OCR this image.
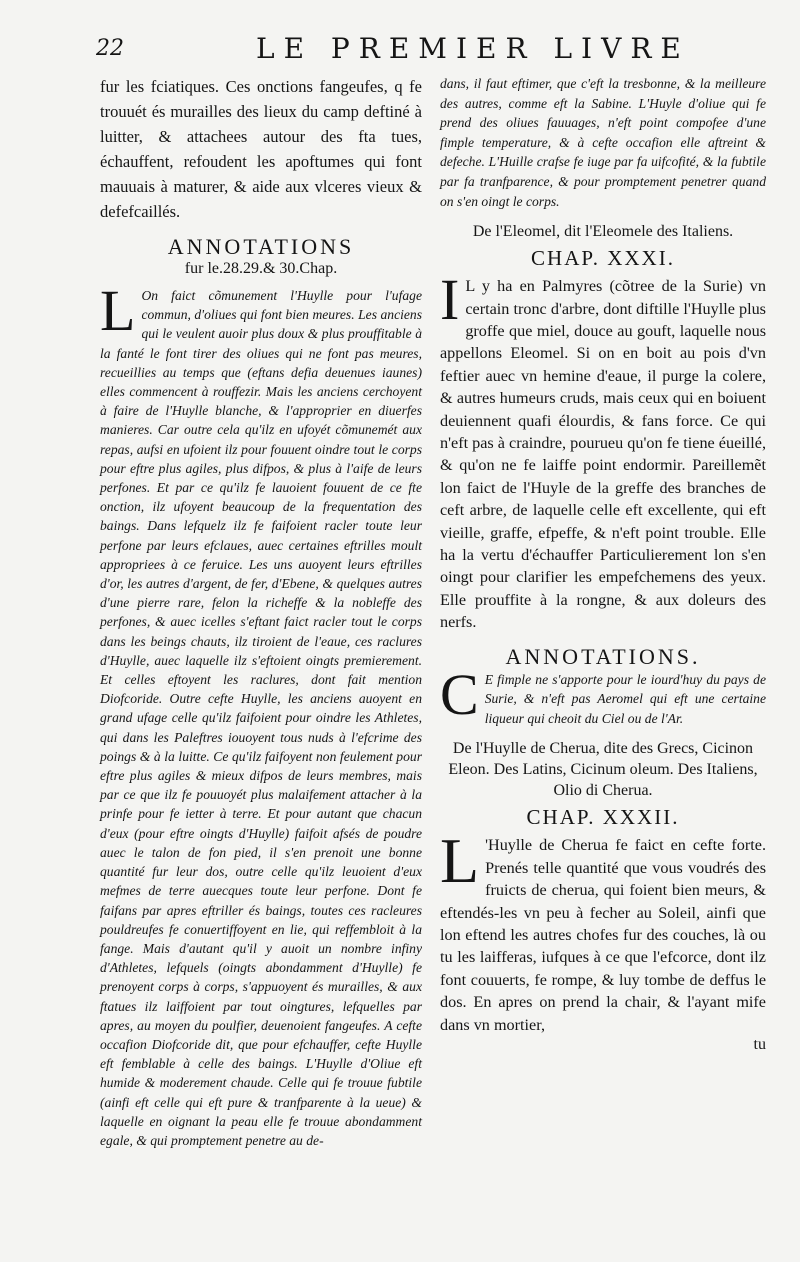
22	LE PREMIER LIVRE

fur les fciatiques. Ces onctions fangeufes, q fe trouuét és murailles des lieux du camp deftiné à luitter, & attachees autour des fta tues, échauffent, refoudent les apoftumes qui font mauuais à maturer, & aide aux vlceres vieux & defefcaillés.

ANNOTATIONS
fur le.28.29.& 30.Chap.
L On faict cõmunement l'Huylle pour l'ufage commun, d'oliues qui font bien meures. Les anciens qui le veulent auoir plus doux & plus prouffitable à la fanté le font tirer des oliues qui ne font pas meures, recueillies au temps que (eftans defia deuenues iaunes) elles commencent à rouffezir. Mais les anciens cerchoyent à faire de l'Huylle blanche, & l'approprier en diuerfes manieres. Car outre cela qu'ilz en ufoyét cõmunemét aux repas, aufsi en ufoient ilz pour fouuent oindre tout le corps pour eftre plus agiles, plus difpos, & plus à l'aife de leurs perfones. Et par ce qu'ilz fe lauoient fouuent de ce fte onction, ilz ufoyent beaucoup de la frequentation des baings. Dans lefquelz ilz fe faifoient racler toute leur perfone par leurs efclaues, auec certaines eftrilles moult appropriees à ce feruice. Les uns auoyent leurs eftrilles d'or, les autres d'argent, de fer, d'Ebene, & quelques autres d'une pierre rare, felon la richeffe & la nobleffe des perfones, & auec icelles s'eftant faict racler tout le corps dans les beings chauts, ilz tiroient de l'eaue, ces raclures d'Huylle, auec laquelle ilz s'eftoient oingts premierement. Et celles eftoyent les raclures, dont fait mention Diofcoride. Outre cefte Huylle, les anciens auoyent en grand ufage celle qu'ilz faifoient pour oindre les Athletes, qui dans les Paleftres iouoyent tous nuds à l'efcrime des poings & à la luitte. Ce qu'ilz faifoyent non feulement pour eftre plus agiles & mieux difpos de leurs membres, mais par ce que ilz fe pouuoyét plus malaifement attacher à la prinfe pour fe ietter à terre. Et pour autant que chacun d'eux (pour eftre oingts d'Huylle) faifoit afsés de poudre auec le talon de fon pied, il s'en prenoit une bonne quantité fur leur dos, outre celle qu'ilz leuoient d'eux mefmes de terre auecques toute leur perfone. Dont fe faifans par apres eftriller és baings, toutes ces racleures pouldreufes fe conuertiffoyent en lie, qui reffembloit à la fange. Mais d'autant qu'il y auoit un nombre infiny d'Athletes, lefquels (oingts abondamment d'Huylle) fe prenoyent corps à corps, s'appuoyent és murailles, & aux ftatues ilz laiffoient par tout oingtures, lefquelles par apres, au moyen du poulfier, deuenoient fangeufes. A cefte occafion Diofcoride dit, que pour efchauffer, cefte Huylle eft femblable à celle des baings. L'Huylle d'Oliue eft humide & moderement chaude. Celle qui fe trouue fubtile (ainfi eft celle qui eft pure & tranfparente à la ueue) & laquelle en oignant la peau elle fe trouue abondamment egale, & qui promptement penetre au de-

dans, il faut eftimer, que c'eft la tresbonne, & la meilleure des autres, comme eft la Sabine. L'Huyle d'oliue qui fe prend des oliues fauuages, n'eft point compofee d'une fimple temperature, & à cefte occafion elle aftreint & defeche. L'Huille crafse fe iuge par fa uifcofité, & la fubtile par fa tranfparence, & pour promptement penetrer quand on s'en oingt le corps.

De l'Eleomel, dit l'Eleomele des Italiens.
CHAP. XXXI.
I L y ha en Palmyres (cõtree de la Surie) vn certain tronc d'arbre, dont diftille l'Huylle plus groffe que miel, douce au gouft, laquelle nous appellons Eleomel. Si on en boit au pois d'vn feftier auec vn hemine d'eaue, il purge la colere, & autres humeurs cruds, mais ceux qui en boiuent deuiennent quafi élourdis, & fans force. Ce qui n'eft pas à craindre, pourueu qu'on fe tiene éueillé, & qu'on ne fe laiffe point endormir. Pareillemẽt lon faict de l'Huyle de la greffe des branches de ceft arbre, de laquelle celle eft excellente, qui eft vieille, graffe, efpeffe, & n'eft point trouble. Elle ha la vertu d'échauffer Particulierement lon s'en oingt pour clarifier les empefchemens des yeux. Elle prouffite à la rongne, & aux doleurs des nerfs.

ANNOTATIONS.
C E fimple ne s'apporte pour le iourd'huy du pays de Surie, & n'eft pas Aeromel qui eft une certaine liqueur qui cheoit du Ciel ou de l'Ar.

De l'Huylle de Cherua, dite des Grecs, Cicinon Eleon. Des Latins, Cicinum oleum. Des Italiens, Olio di Cherua.
CHAP. XXXII.
L 'Huylle de Cherua fe faict en cefte forte. Prenés telle quantité que vous voudrés des fruicts de cherua, qui foient bien meurs, & eftendés-les vn peu à fecher au Soleil, ainfi que lon eftend les autres chofes fur des couches, là ou tu les laifferas, iufques à ce que l'efcorce, dont ilz font couuerts, fe rompe, & luy tombe de deffus le dos. En apres on prend la chair, & l'ayant mife dans vn mortier,

tu
